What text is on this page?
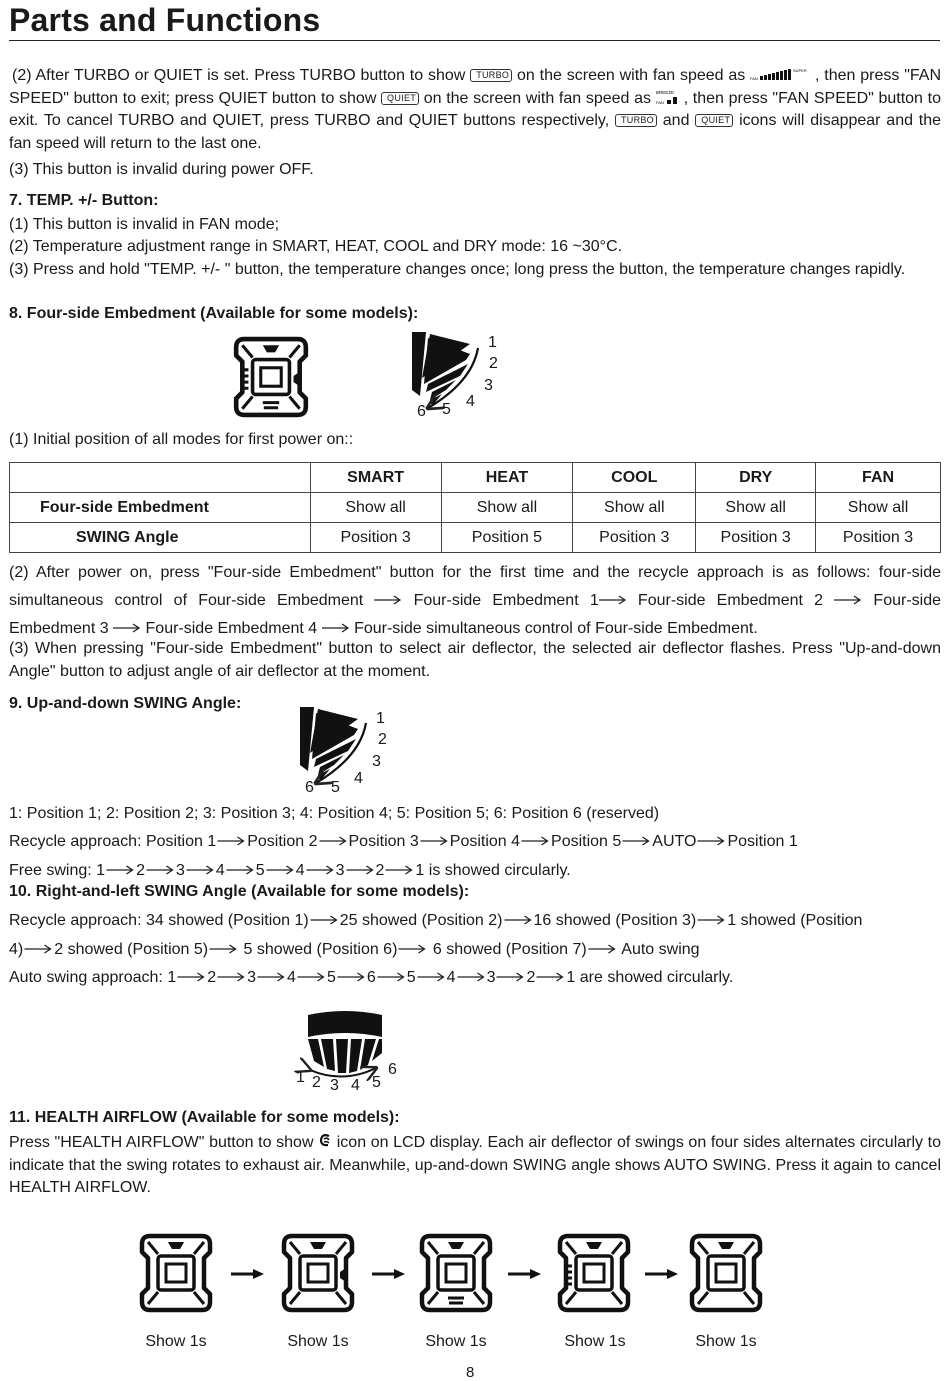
Parts and Functions
(2) After TURBO or QUIET is set. Press TURBO button to show TURBO on the screen with fan speed as FAN
SUPER , then press "FAN SPEED" button to exit; press QUIET button to show QUIET on the screen with fan speed as BREEZE
FAN , then press "FAN SPEED" button to exit. To cancel TURBO and QUIET, press TURBO and QUIET buttons respectively, TURBO and QUIET icons will disappear and the fan speed will return to the last one.
(3) This button is invalid during power OFF.
7. TEMP. +/- Button:
(1) This button is invalid in FAN mode;
(2) Temperature adjustment range in SMART, HEAT, COOL and DRY mode: 16 ~30°C.
(3) Press and hold "TEMP. +/- " button, the temperature changes once; long press the button, the temperature changes rapidly.
8. Four-side Embedment (Available for some models):
1
2
3
4
5
6
(1) Initial position of all modes for first power on::
	SMART	HEAT	COOL	DRY	FAN
Four-side Embedment	Show all	Show all	Show all	Show all	Show all
SWING Angle	Position 3	Position 5	Position 3	Position 3	Position 3
(2) After power on, press "Four-side Embedment" button for the first time and the recycle approach is as follows: four-side simultaneous control of Four-side Embedment	Four-side Embedment 1 Four-side Embedment 2	Four-side Embedment 3 Four-side Embedment 4 Four-side simultaneous control of Four-side Embedment.
(3) When pressing "Four-side Embedment" button to select air deflector, the selected air deflector flashes. Press "Up-and-down Angle" button to adjust angle of air deflector at the moment.
9. Up-and-down SWING Angle:
1
2
3
4
5
6
1: Position 1; 2: Position 2; 3: Position 3; 4: Position 4; 5: Position 5; 6: Position 6 (reserved)
Recycle approach: Position 1 Position 2 Position 3 Position 4 Position 5 AUTO Position 1
Free swing: 1 2 3 4 5 4 3 2 1 is showed circularly.
10. Right-and-left SWING Angle (Available for some models):
Recycle approach: 34 showed (Position 1) 25 showed (Position 2) 16 showed (Position 3) 1 showed (Position
4) 2 showed (Position 5) 5 showed (Position 6) 6 showed (Position 7) Auto swing
Auto swing approach: 1 2 3 4 5 6 5 4 3 2 1 are showed circularly.
1 2 3 4 5
6
11. HEALTH AIRFLOW (Available for some models):
Press "HEALTH AIRFLOW" button to show icon on LCD display. Each air deflector of swings on four sides alternates circularly to indicate that the swing rotates to exhaust air. Meanwhile, up-and-down SWING angle shows AUTO SWING. Press it again to cancel HEALTH AIRFLOW.
Show 1s	Show 1s	Show 1s	Show 1s	Show 1s
8
